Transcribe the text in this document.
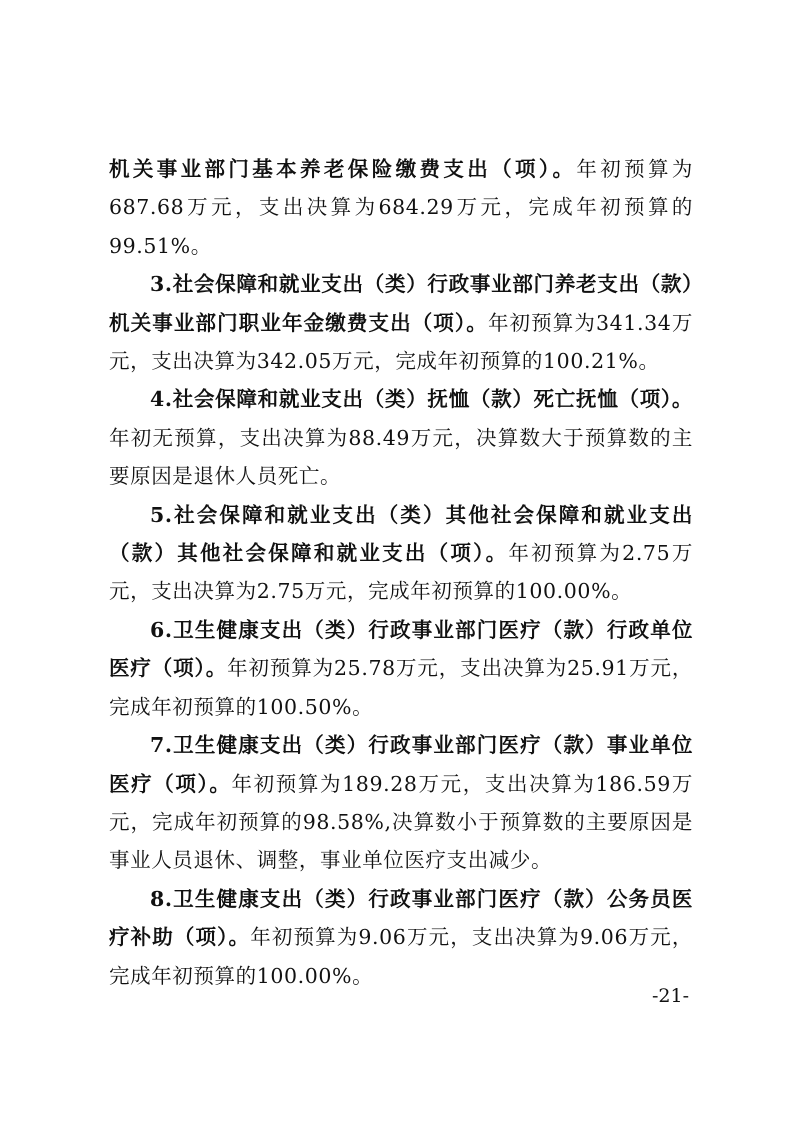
机关事业部门基本养老保险缴费支出（项）。年初预算为687.68万元，支出决算为684.29万元，完成年初预算的99.51%。

3.社会保障和就业支出（类）行政事业部门养老支出（款）机关事业部门职业年金缴费支出（项）。年初预算为341.34万元，支出决算为342.05万元，完成年初预算的100.21%。

4.社会保障和就业支出（类）抚恤（款）死亡抚恤（项）。年初无预算，支出决算为88.49万元，决算数大于预算数的主要原因是退休人员死亡。

5.社会保障和就业支出（类）其他社会保障和就业支出（款）其他社会保障和就业支出（项）。年初预算为2.75万元，支出决算为2.75万元，完成年初预算的100.00%。

6.卫生健康支出（类）行政事业部门医疗（款）行政单位医疗（项）。年初预算为25.78万元，支出决算为25.91万元，完成年初预算的100.50%。

7.卫生健康支出（类）行政事业部门医疗（款）事业单位医疗（项）。年初预算为189.28万元，支出决算为186.59万元，完成年初预算的98.58%,决算数小于预算数的主要原因是事业人员退休、调整，事业单位医疗支出减少。

8.卫生健康支出（类）行政事业部门医疗（款）公务员医疗补助（项）。年初预算为9.06万元，支出决算为9.06万元，完成年初预算的100.00%。

-21-
